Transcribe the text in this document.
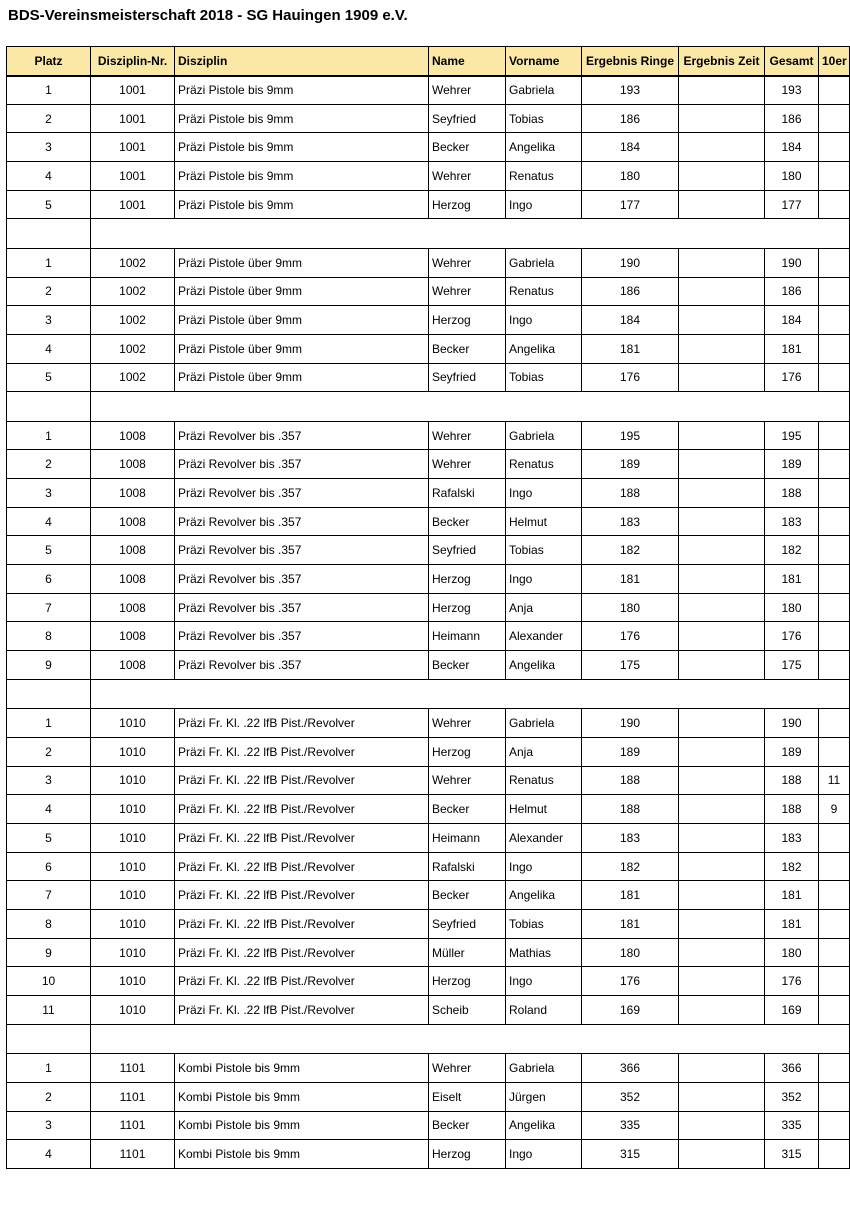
BDS-Vereinsmeisterschaft 2018 - SG Hauingen 1909 e.V.
Platz	Disziplin-Nr.	Disziplin	Name	Vorname	Ergebnis Ringe	Ergebnis Zeit	Gesamt	10er
1	1001	Präzi Pistole bis 9mm	Wehrer	Gabriela	193		193	
2	1001	Präzi Pistole bis 9mm	Seyfried	Tobias	186		186	
3	1001	Präzi Pistole bis 9mm	Becker	Angelika	184		184	
4	1001	Präzi Pistole bis 9mm	Wehrer	Renatus	180		180	
5	1001	Präzi Pistole bis 9mm	Herzog	Ingo	177		177	

1	1002	Präzi Pistole über 9mm	Wehrer	Gabriela	190		190	
2	1002	Präzi Pistole über 9mm	Wehrer	Renatus	186		186	
3	1002	Präzi Pistole über 9mm	Herzog	Ingo	184		184	
4	1002	Präzi Pistole über 9mm	Becker	Angelika	181		181	
5	1002	Präzi Pistole über 9mm	Seyfried	Tobias	176		176	

1	1008	Präzi Revolver bis .357	Wehrer	Gabriela	195		195	
2	1008	Präzi Revolver bis .357	Wehrer	Renatus	189		189	
3	1008	Präzi Revolver bis .357	Rafalski	Ingo	188		188	
4	1008	Präzi Revolver bis .357	Becker	Helmut	183		183	
5	1008	Präzi Revolver bis .357	Seyfried	Tobias	182		182	
6	1008	Präzi Revolver bis .357	Herzog	Ingo	181		181	
7	1008	Präzi Revolver bis .357	Herzog	Anja	180		180	
8	1008	Präzi Revolver bis .357	Heimann	Alexander	176		176	
9	1008	Präzi Revolver bis .357	Becker	Angelika	175		175	

1	1010	Präzi Fr. Kl. .22 lfB Pist./Revolver	Wehrer	Gabriela	190		190	
2	1010	Präzi Fr. Kl. .22 lfB Pist./Revolver	Herzog	Anja	189		189	
3	1010	Präzi Fr. Kl. .22 lfB Pist./Revolver	Wehrer	Renatus	188		188	11
4	1010	Präzi Fr. Kl. .22 lfB Pist./Revolver	Becker	Helmut	188		188	9
5	1010	Präzi Fr. Kl. .22 lfB Pist./Revolver	Heimann	Alexander	183		183	
6	1010	Präzi Fr. Kl. .22 lfB Pist./Revolver	Rafalski	Ingo	182		182	
7	1010	Präzi Fr. Kl. .22 lfB Pist./Revolver	Becker	Angelika	181		181	
8	1010	Präzi Fr. Kl. .22 lfB Pist./Revolver	Seyfried	Tobias	181		181	
9	1010	Präzi Fr. Kl. .22 lfB Pist./Revolver	Müller	Mathias	180		180	
10	1010	Präzi Fr. Kl. .22 lfB Pist./Revolver	Herzog	Ingo	176		176	
11	1010	Präzi Fr. Kl. .22 lfB Pist./Revolver	Scheib	Roland	169		169	

1	1101	Kombi Pistole bis 9mm	Wehrer	Gabriela	366		366	
2	1101	Kombi Pistole bis 9mm	Eiselt	Jürgen	352		352	
3	1101	Kombi Pistole bis 9mm	Becker	Angelika	335		335	
4	1101	Kombi Pistole bis 9mm	Herzog	Ingo	315		315	
